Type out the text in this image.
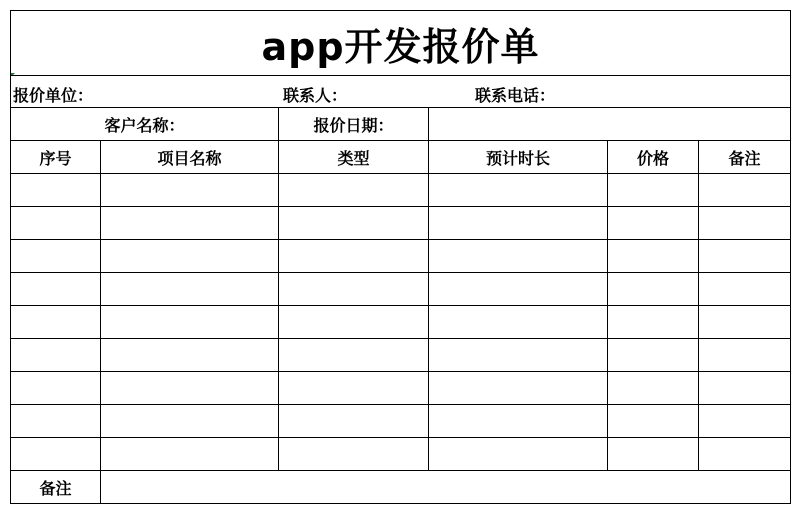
app开发报价单					

报价单位： 联系人： 联系电话：					

客户名称：		报价日期：			
序号	项目名称	类型	预计时长	价格	备注

备注					
